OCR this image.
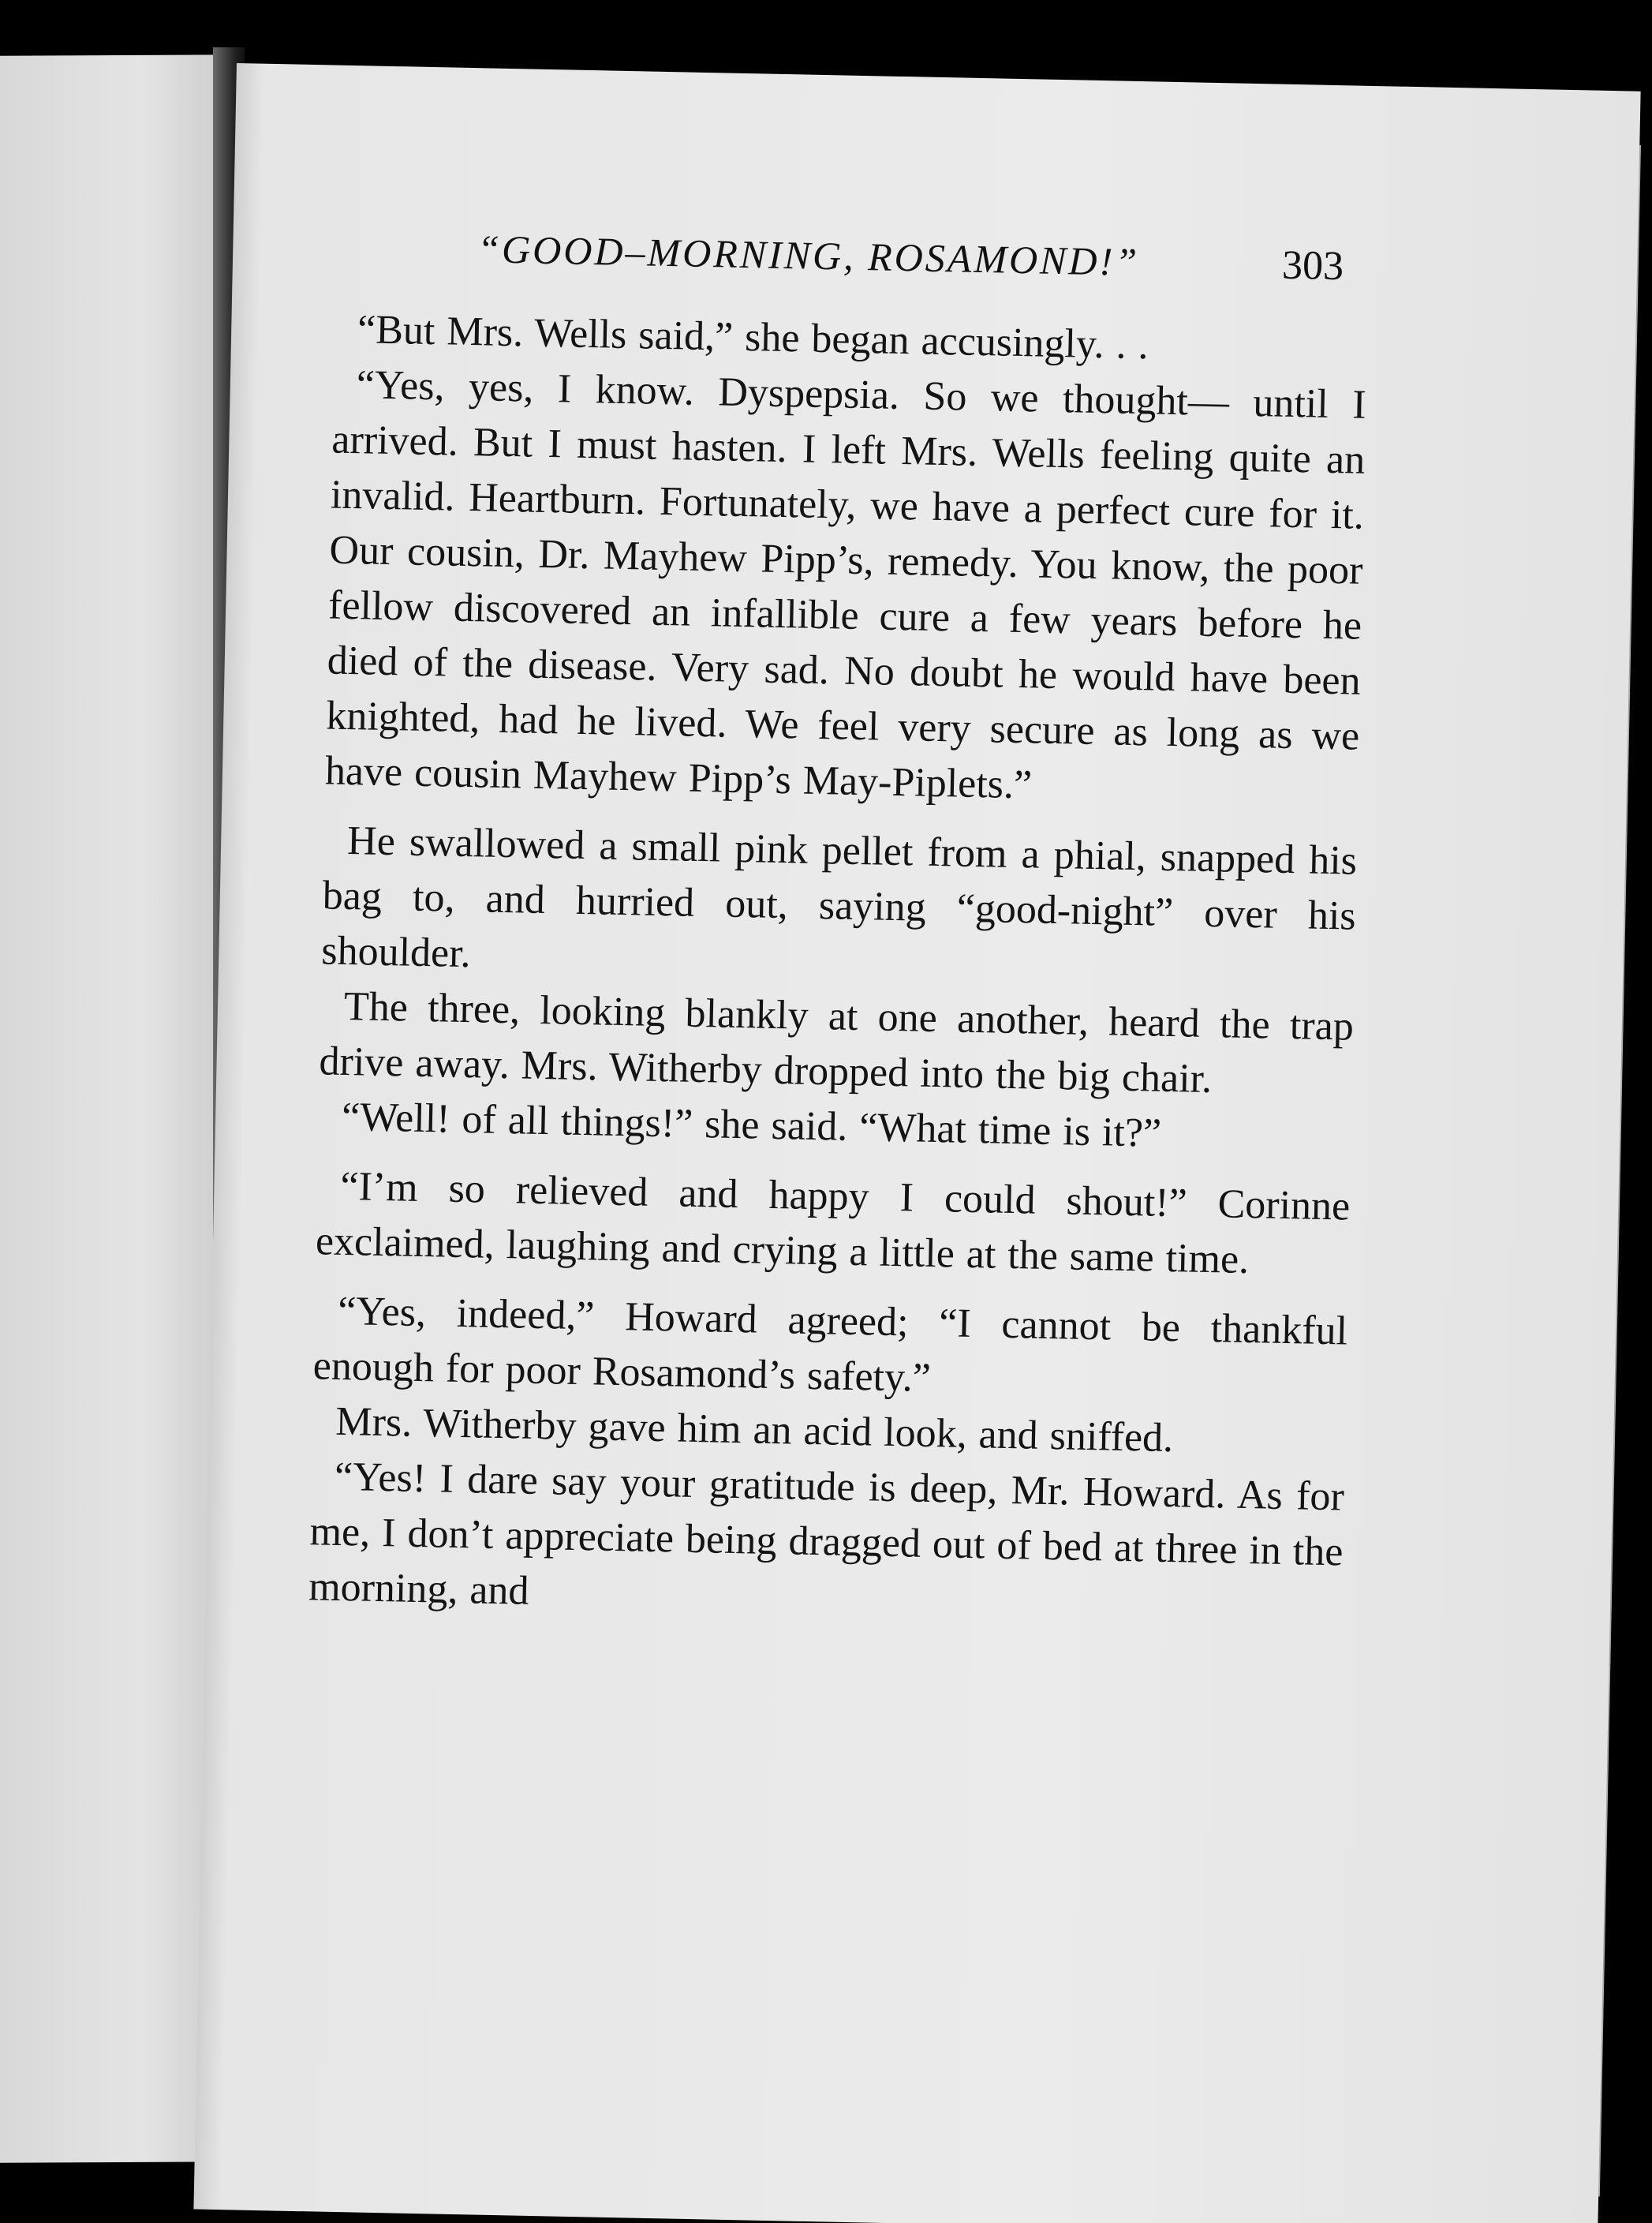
“GOOD–MORNING, ROSAMOND!”	303

“But Mrs. Wells said,” she began accusingly. . .

“Yes, yes, I know. Dyspepsia. So we thought— until I arrived. But I must hasten. I left Mrs. Wells feeling quite an invalid. Heartburn. Fortunately, we have a perfect cure for it. Our cousin, Dr. Mayhew Pipp’s, remedy. You know, the poor fellow discovered an infallible cure a few years before he died of the disease. Very sad. No doubt he would have been knighted, had he lived. We feel very secure as long as we have cousin Mayhew Pipp’s May-Piplets.”

He swallowed a small pink pellet from a phial, snapped his bag to, and hurried out, saying “good-night” over his shoulder.

The three, looking blankly at one another, heard the trap drive away. Mrs. Witherby dropped into the big chair.

“Well! of all things!” she said. “What time is it?”

“I’m so relieved and happy I could shout!” Corinne exclaimed, laughing and crying a little at the same time.

“Yes, indeed,” Howard agreed; “I cannot be thankful enough for poor Rosamond’s safety.”

Mrs. Witherby gave him an acid look, and sniffed.

“Yes! I dare say your gratitude is deep, Mr. Howard. As for me, I don’t appreciate being dragged out of bed at three in the morning, and
